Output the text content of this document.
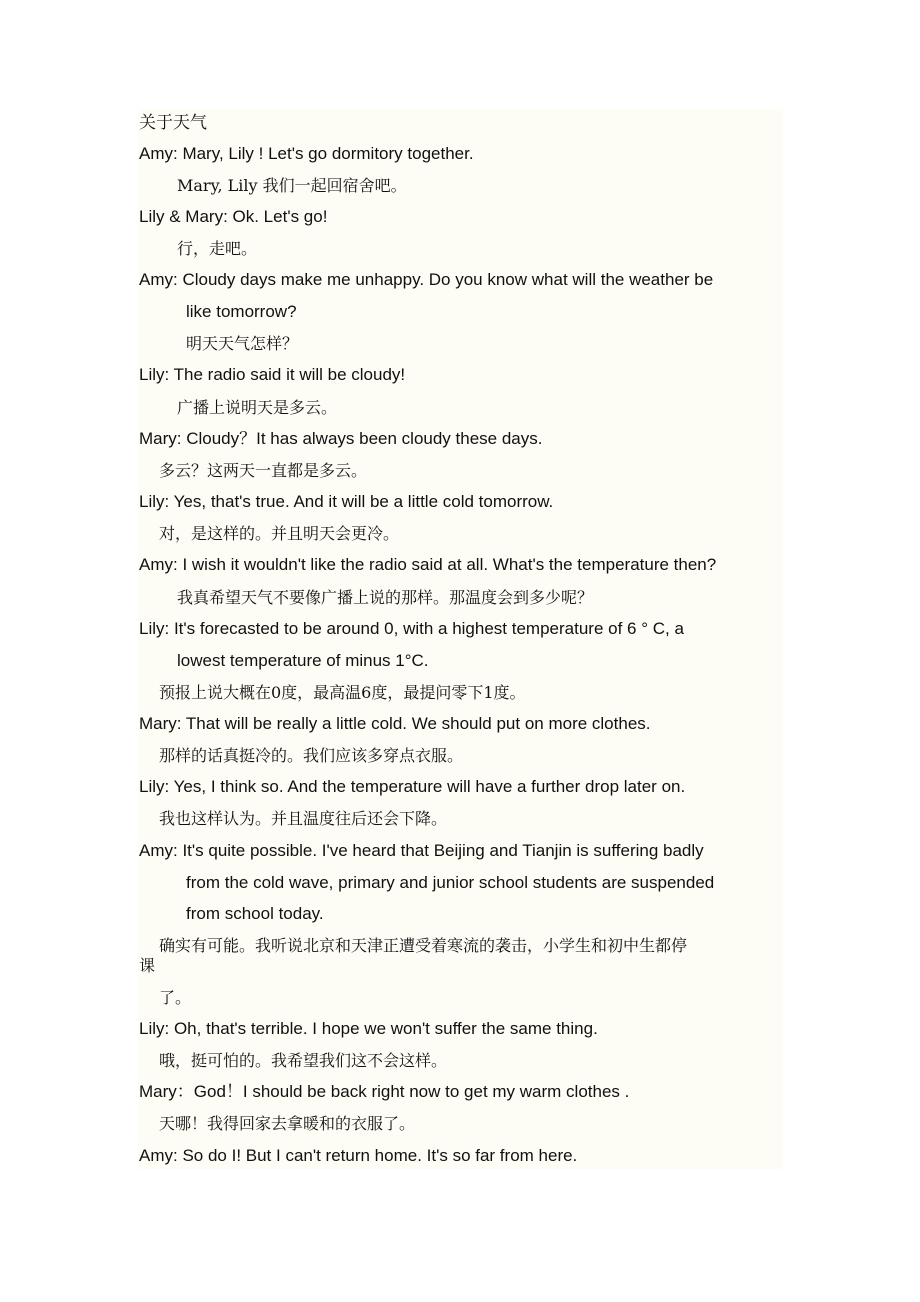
关于天气
Amy: Mary, Lily ! Let's go dormitory together.
Mary, Lily 我们一起回宿舍吧。
Lily & Mary: Ok. Let's go!
行，走吧。
Amy: Cloudy days make me unhappy. Do you know what will the weather be
like tomorrow?
明天天气怎样？
Lily: The radio said it will be cloudy!
广播上说明天是多云。
Mary: Cloudy？It has always been cloudy these days.
多云？这两天一直都是多云。
Lily: Yes, that's true. And it will be a little cold tomorrow.
对，是这样的。并且明天会更冷。
Amy: I wish it wouldn't like the radio said at all. What's the temperature then?
我真希望天气不要像广播上说的那样。那温度会到多少呢？
Lily: It's forecasted to be around 0, with a highest temperature of 6 ° C, a
lowest temperature of minus 1°C.
预报上说大概在0度，最高温6度，最提问零下1度。
Mary: That will be really a little cold. We should put on more clothes.
那样的话真挺冷的。我们应该多穿点衣服。
Lily: Yes, I think so. And the temperature will have a further drop later on.
我也这样认为。并且温度往后还会下降。
Amy: It's quite possible. I've heard that Beijing and Tianjin is suffering badly
from the cold wave, primary and junior school students are suspended
from school today.
确实有可能。我听说北京和天津正遭受着寒流的袭击，小学生和初中生都停
课
了。
Lily: Oh, that's terrible. I hope we won't suffer the same thing.
哦，挺可怕的。我希望我们这不会这样。
Mary：God！I should be back right now to get my warm clothes .
天哪！我得回家去拿暖和的衣服了。
Amy: So do I! But I can't return home. It's so far from here.
